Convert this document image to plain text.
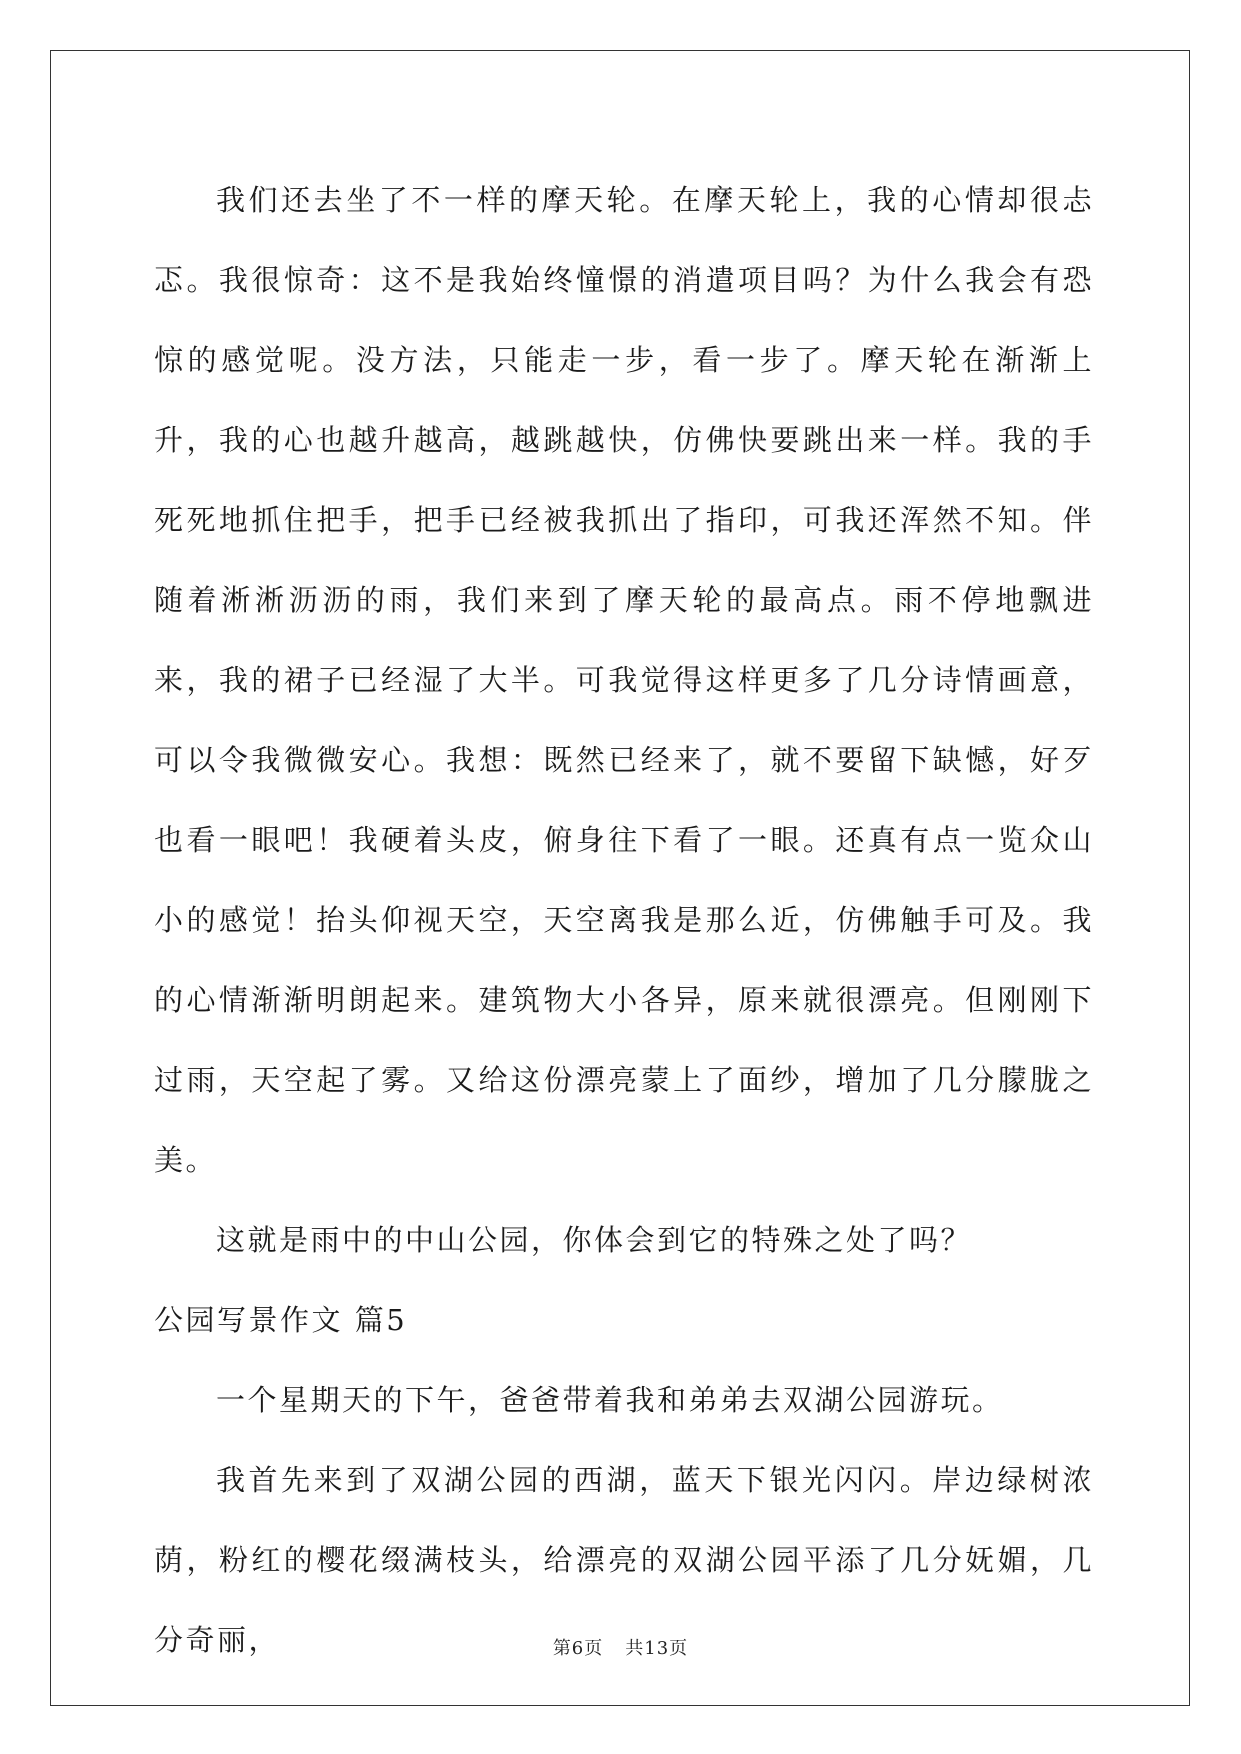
我们还去坐了不一样的摩天轮。在摩天轮上，我的心情却很忐忑。我很惊奇：这不是我始终憧憬的消遣项目吗？为什么我会有恐惊的感觉呢。没方法，只能走一步，看一步了。摩天轮在渐渐上升，我的心也越升越高，越跳越快，仿佛快要跳出来一样。我的手死死地抓住把手，把手已经被我抓出了指印，可我还浑然不知。伴随着淅淅沥沥的雨，我们来到了摩天轮的最高点。雨不停地飘进来，我的裙子已经湿了大半。可我觉得这样更多了几分诗情画意，可以令我微微安心。我想：既然已经来了，就不要留下缺憾，好歹也看一眼吧！我硬着头皮，俯身往下看了一眼。还真有点一览众山小的感觉！抬头仰视天空，天空离我是那么近，仿佛触手可及。我的心情渐渐明朗起来。建筑物大小各异，原来就很漂亮。但刚刚下过雨，天空起了雾。又给这份漂亮蒙上了面纱，增加了几分朦胧之美。

这就是雨中的中山公园，你体会到它的特殊之处了吗？

公园写景作文 篇5

一个星期天的下午，爸爸带着我和弟弟去双湖公园游玩。

我首先来到了双湖公园的西湖，蓝天下银光闪闪。岸边绿树浓荫，粉红的樱花缀满枝头，给漂亮的双湖公园平添了几分妩媚，几分奇丽，	第6页 共13页
